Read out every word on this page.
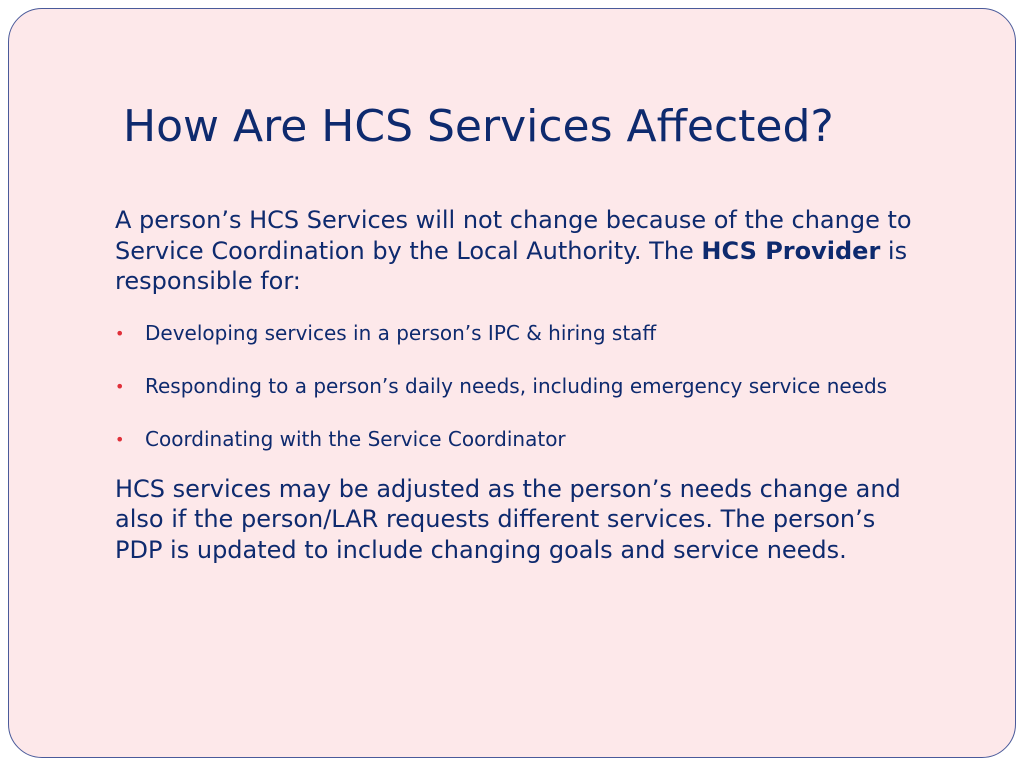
How Are HCS Services Affected?

A person’s HCS Services will not change because of the change to Service Coordination by the Local Authority. The HCS Provider is responsible for:

• Developing services in a person’s IPC & hiring staff
• Responding to a person’s daily needs, including emergency service needs
• Coordinating with the Service Coordinator

HCS services may be adjusted as the person’s needs change and also if the person/LAR requests different services. The person’s PDP is updated to include changing goals and service needs.
